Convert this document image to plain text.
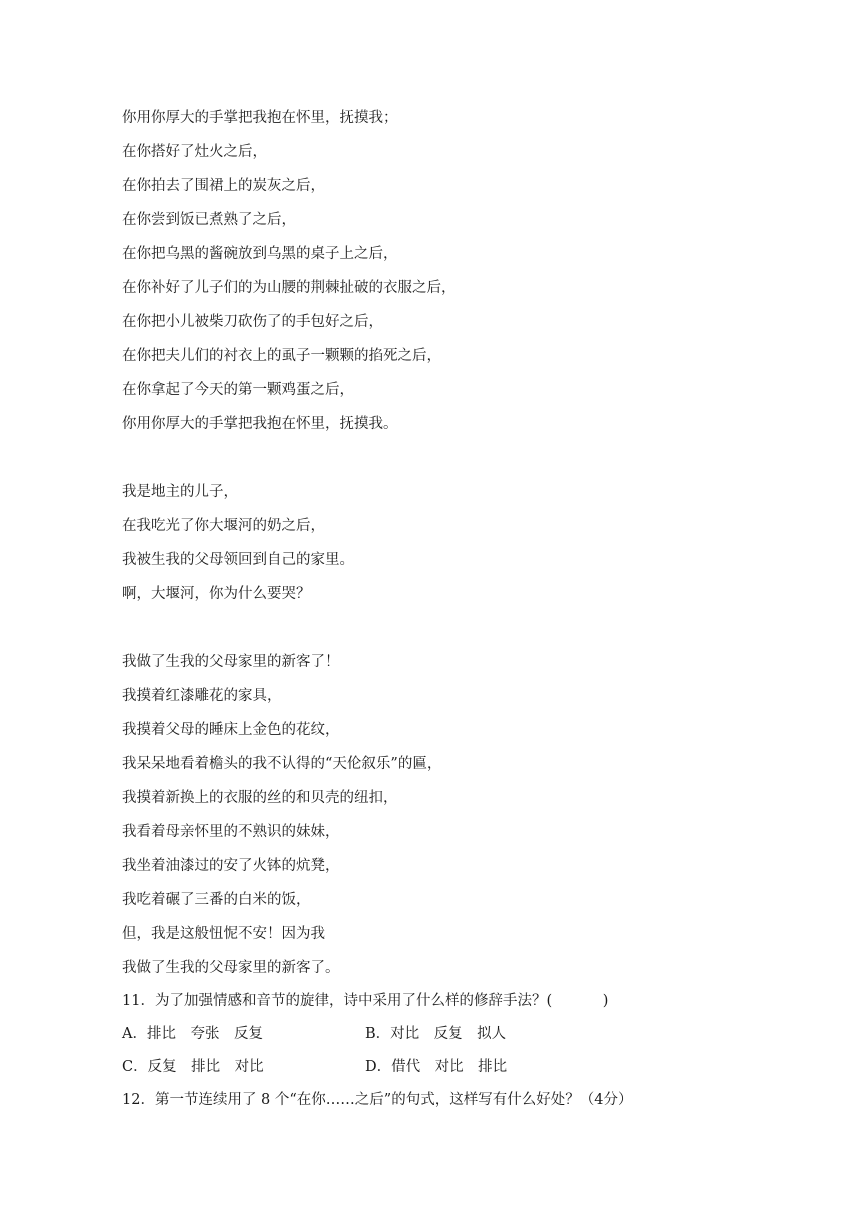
你用你厚大的手掌把我抱在怀里，抚摸我；
在你搭好了灶火之后，
在你拍去了围裙上的炭灰之后，
在你尝到饭已煮熟了之后，
在你把乌黑的酱碗放到乌黑的桌子上之后，
在你补好了儿子们的为山腰的荆棘扯破的衣服之后，
在你把小儿被柴刀砍伤了的手包好之后，
在你把夫儿们的衬衣上的虱子一颗颗的掐死之后，
在你拿起了今天的第一颗鸡蛋之后，
你用你厚大的手掌把我抱在怀里，抚摸我。
我是地主的儿子，
在我吃光了你大堰河的奶之后，
我被生我的父母领回到自己的家里。
啊，大堰河，你为什么要哭？
我做了生我的父母家里的新客了！
我摸着红漆雕花的家具，
我摸着父母的睡床上金色的花纹，
我呆呆地看着檐头的我不认得的“天伦叙乐”的匾，
我摸着新换上的衣服的丝的和贝壳的纽扣，
我看着母亲怀里的不熟识的妹妹，
我坐着油漆过的安了火钵的炕凳，
我吃着碾了三番的白米的饭，
但，我是这般忸怩不安！因为我
我做了生我的父母家里的新客了。
11．为了加强情感和音节的旋律，诗中采用了什么样的修辞手法？(           )
A．排比　夸张　反复	B．对比　反复　拟人
C．反复　排比　对比	D．借代　对比　排比
12．第一节连续用了 8 个“在你……之后”的句式，这样写有什么好处？（4分）
